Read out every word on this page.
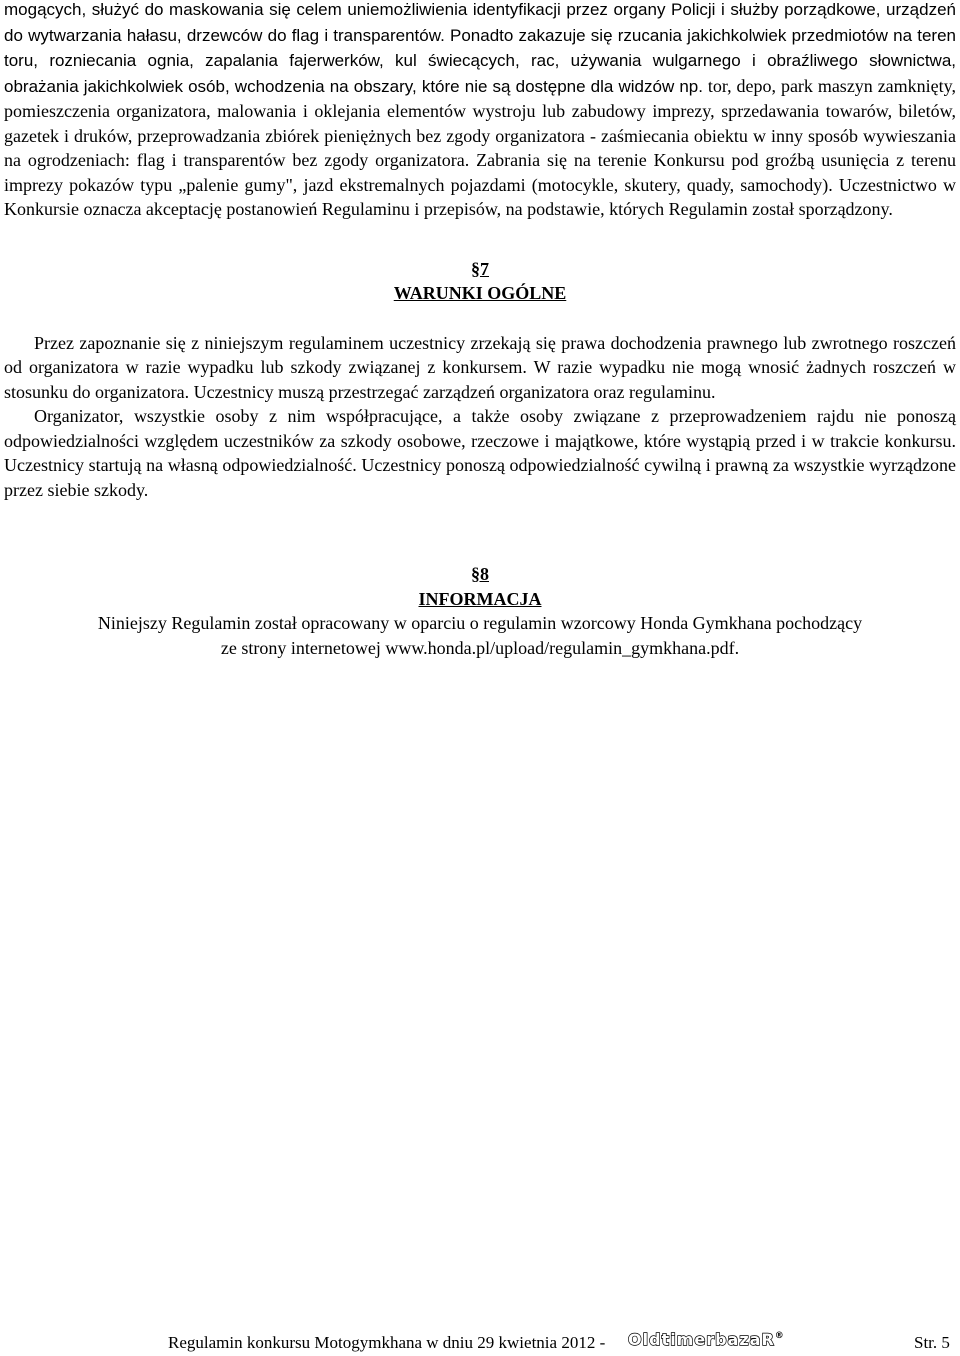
mogących, służyć do maskowania się celem uniemożliwienia identyfikacji przez organy Policji i służby porządkowe, urządzeń do wytwarzania hałasu, drzewców do flag i transparentów. Ponadto zakazuje się rzucania jakichkolwiek przedmiotów na teren toru, rozniecania ognia, zapalania fajerwerków, kul świecących, rac, używania wulgarnego i obraźliwego słownictwa, obrażania jakichkolwiek osób, wchodzenia na obszary, które nie są dostępne dla widzów np. tor, depo, park maszyn zamknięty, pomieszczenia organizatora, malowania i oklejania elementów wystroju lub zabudowy imprezy, sprzedawania towarów, biletów, gazetek i druków, przeprowadzania zbiórek pieniężnych bez zgody organizatora - zaśmiecania obiektu w inny sposób wywieszania na ogrodzeniach: flag i transparentów bez zgody organizatora. Zabrania się na terenie Konkursu pod groźbą usunięcia z terenu imprezy pokazów typu „palenie gumy", jazd ekstremalnych pojazdami (motocykle, skutery, quady, samochody). Uczestnictwo w Konkursie oznacza akceptację postanowień Regulaminu i przepisów, na podstawie, których Regulamin został sporządzony.

§7

WARUNKI OGÓLNE

Przez zapoznanie się z niniejszym regulaminem uczestnicy zrzekają się prawa dochodzenia prawnego lub zwrotnego roszczeń od organizatora w razie wypadku lub szkody związanej z konkursem. W razie wypadku nie mogą wnosić żadnych roszczeń w stosunku do organizatora. Uczestnicy muszą przestrzegać zarządzeń organizatora oraz regulaminu.

Organizator, wszystkie osoby z nim współpracujące, a także osoby związane z przeprowadzeniem rajdu nie ponoszą odpowiedzialności względem uczestników za szkody osobowe, rzeczowe i majątkowe, które wystąpią przed i w trakcie konkursu. Uczestnicy startują na własną odpowiedzialność. Uczestnicy ponoszą odpowiedzialność cywilną i prawną za wszystkie wyrządzone przez siebie szkody.

§8

INFORMACJA

Niniejszy Regulamin został opracowany w oparciu o regulamin wzorcowy Honda Gymkhana pochodzący

ze strony internetowej www.honda.pl/upload/regulamin_gymkhana.pdf.

Regulamin konkursu Motogymkhana w dniu 29 kwietnia 2012 - OldtimerbazaR®	Str. 5
